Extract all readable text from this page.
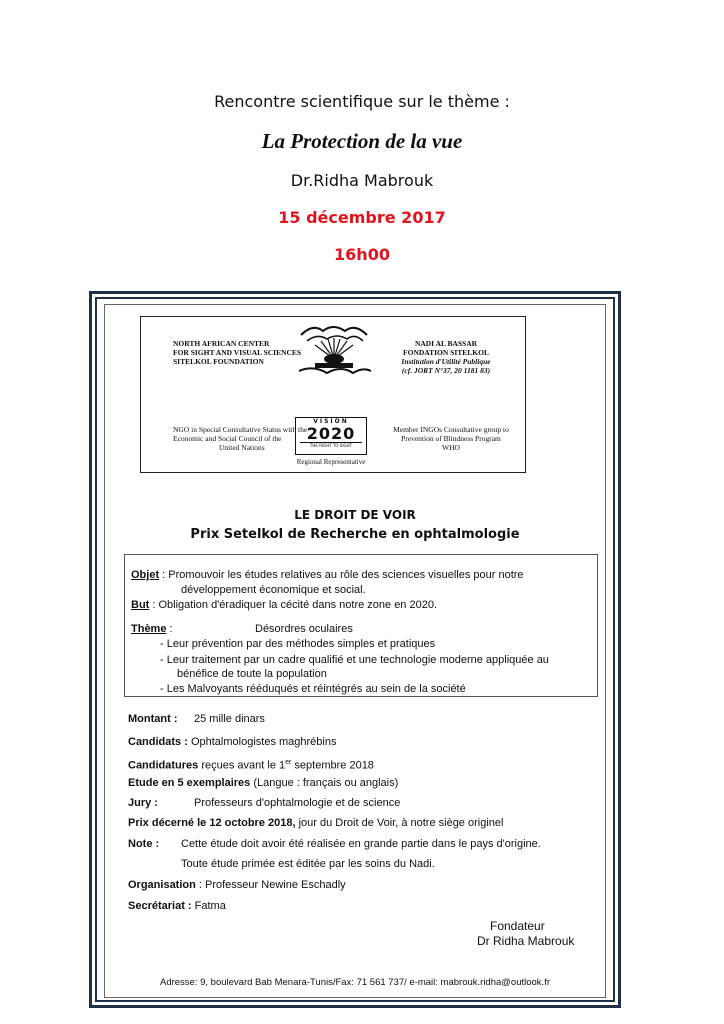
Rencontre scientifique sur le thème :
La Protection de la vue
Dr.Ridha Mabrouk
15 décembre 2017
16h00
NORTH AFRICAN CENTER
FOR SIGHT AND VISUAL SCIENCES
SITELKOL FOUNDATION
NADI AL BASSAR
FONDATION SITELKOL
Institution d'Utilité Publique
(cf. JORT N°37, 20 1181 83)
NGO in Special Consultative Status with the
Economic and Social Council of the
United Nations
Member INGOs Consultative group to
Prevention of Blindness Program
WHO
VISION
2020
THE RIGHT TO SIGHT
Regional Representative
LE DROIT DE VOIR
Prix Setelkol de Recherche en ophtalmologie
Objet : Promouvoir les études relatives au rôle des sciences visuelles pour notre
développement économique et social.
But : Obligation d'éradiquer la cécité dans notre zone en 2020.
Thème :	Désordres oculaires
- Leur prévention par des méthodes simples et pratiques
- Leur traitement par un cadre qualifié et une technologie moderne appliquée au
bénéfice de toute la population
- Les Malvoyants rééduqués et réintégrés au sein de la société
Montant : 25 mille dinars
Candidats : Ophtalmologistes maghrébins
Candidatures reçues avant le 1er septembre 2018
Etude en 5 exemplaires (Langue : français ou anglais)
Jury :	Professeurs d'ophtalmologie et de science
Prix décerné le 12 octobre 2018, jour du Droit de Voir, à notre siège originel
Note : Cette étude doit avoir été réalisée en grande partie dans le pays d'origine.
Toute étude primée est éditée par les soins du Nadi.
Organisation : Professeur Newine Eschadly
Secrétariat : Fatma
Fondateur
Dr Ridha Mabrouk
Adresse: 9, boulevard Bab Menara-Tunis/Fax: 71 561 737/ e-mail: mabrouk.ridha@outlook.fr
